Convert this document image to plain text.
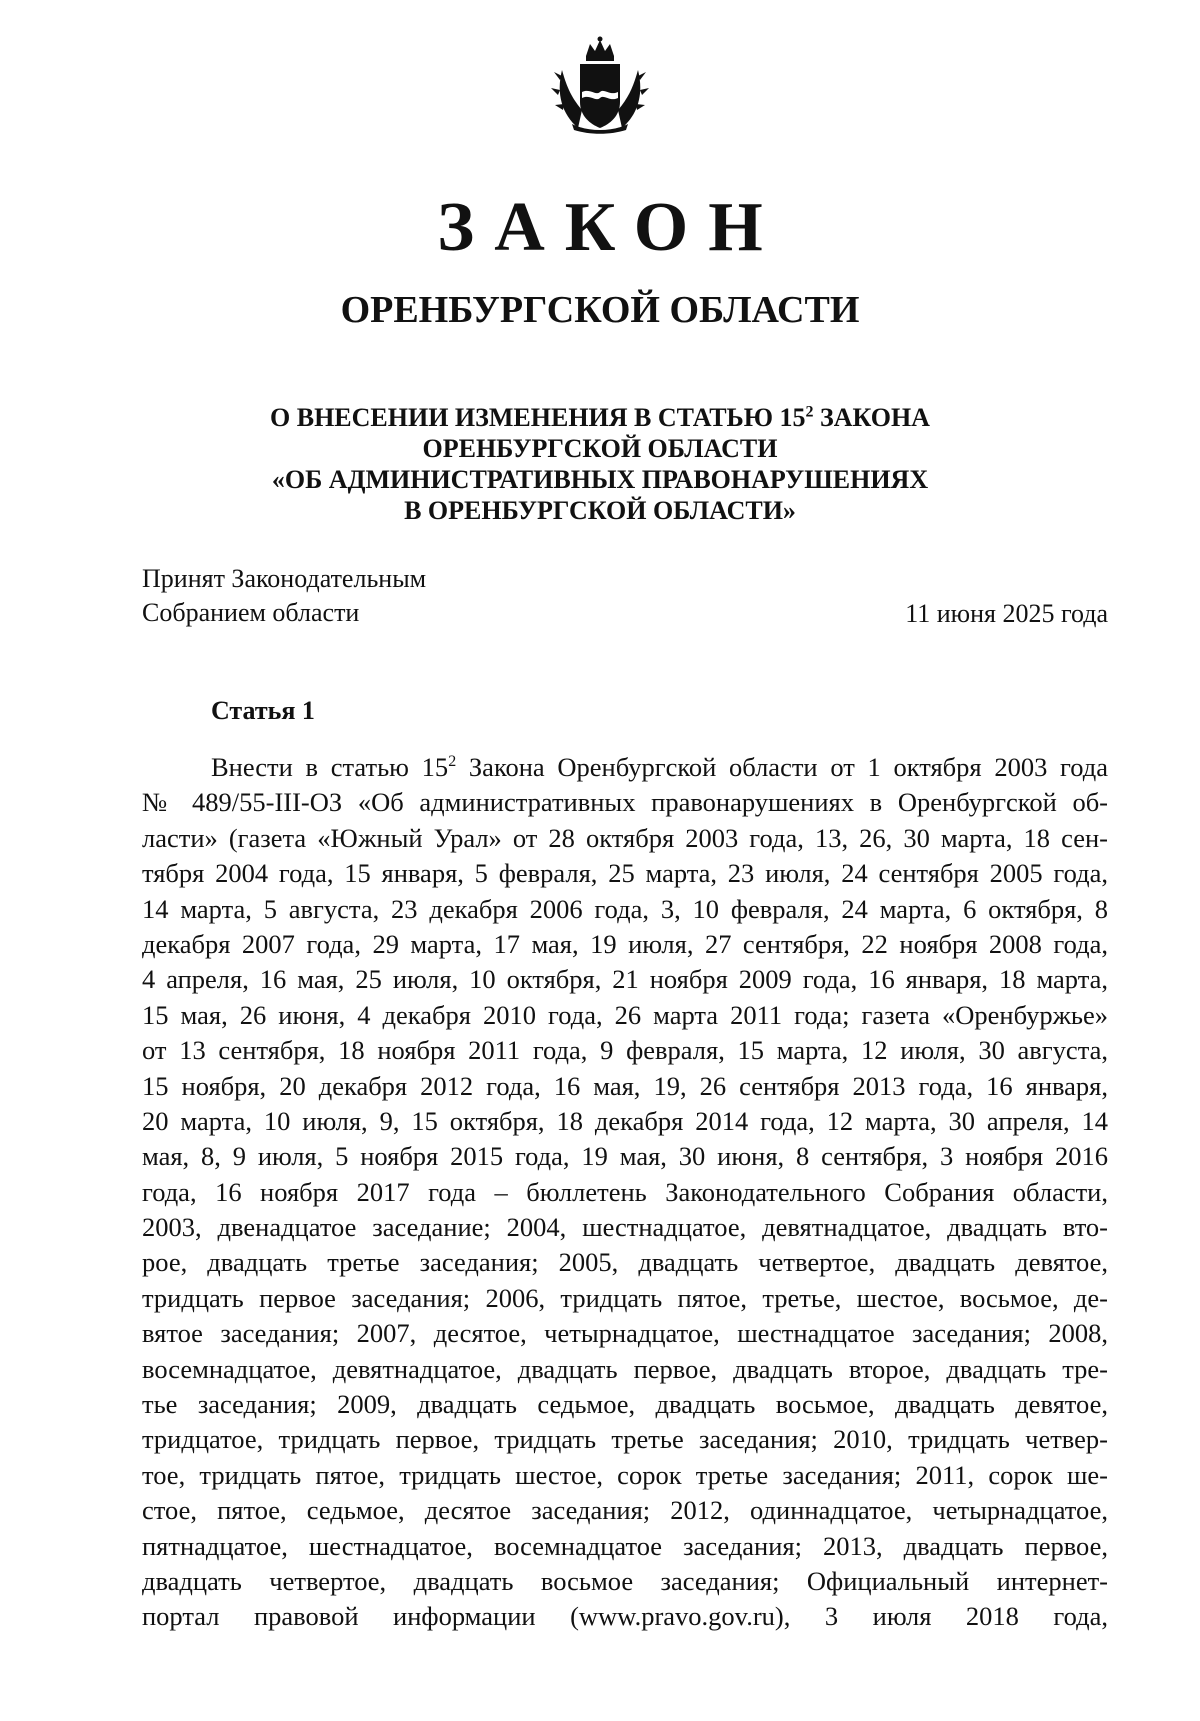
ЗАКОН
ОРЕНБУРГСКОЙ ОБЛАСТИ
О ВНЕСЕНИИ ИЗМЕНЕНИЯ В СТАТЬЮ $15^2$ ЗАКОНА
ОРЕНБУРГСКОЙ ОБЛАСТИ
«ОБ АДМИНИСТРАТИВНЫХ ПРАВОНАРУШЕНИЯХ
В ОРЕНБУРГСКОЙ ОБЛАСТИ»
Принят Законодательным
Собранием области	11 июня 2025 года
Статья 1
Внести в статью $15^2$ Закона Оренбургской области от 1 октября 2003 года
№ 489/55-III-ОЗ «Об административных правонарушениях в Оренбургской об-
ласти» (газета «Южный Урал» от 28 октября 2003 года, 13, 26, 30 марта, 18 сен-
тября 2004 года, 15 января, 5 февраля, 25 марта, 23 июля, 24 сентября 2005 года,
14 марта, 5 августа, 23 декабря 2006 года, 3, 10 февраля, 24 марта, 6 октября, 8
декабря 2007 года, 29 марта, 17 мая, 19 июля, 27 сентября, 22 ноября 2008 года,
4 апреля, 16 мая, 25 июля, 10 октября, 21 ноября 2009 года, 16 января, 18 марта,
15 мая, 26 июня, 4 декабря 2010 года, 26 марта 2011 года; газета «Оренбуржье»
от 13 сентября, 18 ноября 2011 года, 9 февраля, 15 марта, 12 июля, 30 августа,
15 ноября, 20 декабря 2012 года, 16 мая, 19, 26 сентября 2013 года, 16 января,
20 марта, 10 июля, 9, 15 октября, 18 декабря 2014 года, 12 марта, 30 апреля, 14
мая, 8, 9 июля, 5 ноября 2015 года, 19 мая, 30 июня, 8 сентября, 3 ноября 2016
года, 16 ноября 2017 года – бюллетень Законодательного Собрания области,
2003, двенадцатое заседание; 2004, шестнадцатое, девятнадцатое, двадцать вто-
рое, двадцать третье заседания; 2005, двадцать четвертое, двадцать девятое,
тридцать первое заседания; 2006, тридцать пятое, третье, шестое, восьмое, де-
вятое заседания; 2007, десятое, четырнадцатое, шестнадцатое заседания; 2008,
восемнадцатое, девятнадцатое, двадцать первое, двадцать второе, двадцать тре-
тье заседания; 2009, двадцать седьмое, двадцать восьмое, двадцать девятое,
тридцатое, тридцать первое, тридцать третье заседания; 2010, тридцать четвер-
тое, тридцать пятое, тридцать шестое, сорок третье заседания; 2011, сорок ше-
стое, пятое, седьмое, десятое заседания; 2012, одиннадцатое, четырнадцатое,
пятнадцатое, шестнадцатое, восемнадцатое заседания; 2013, двадцать первое,
двадцать четвертое, двадцать восьмое заседания; Официальный интернет-
портал правовой информации (www.pravo.gov.ru), 3 июля 2018 года,
